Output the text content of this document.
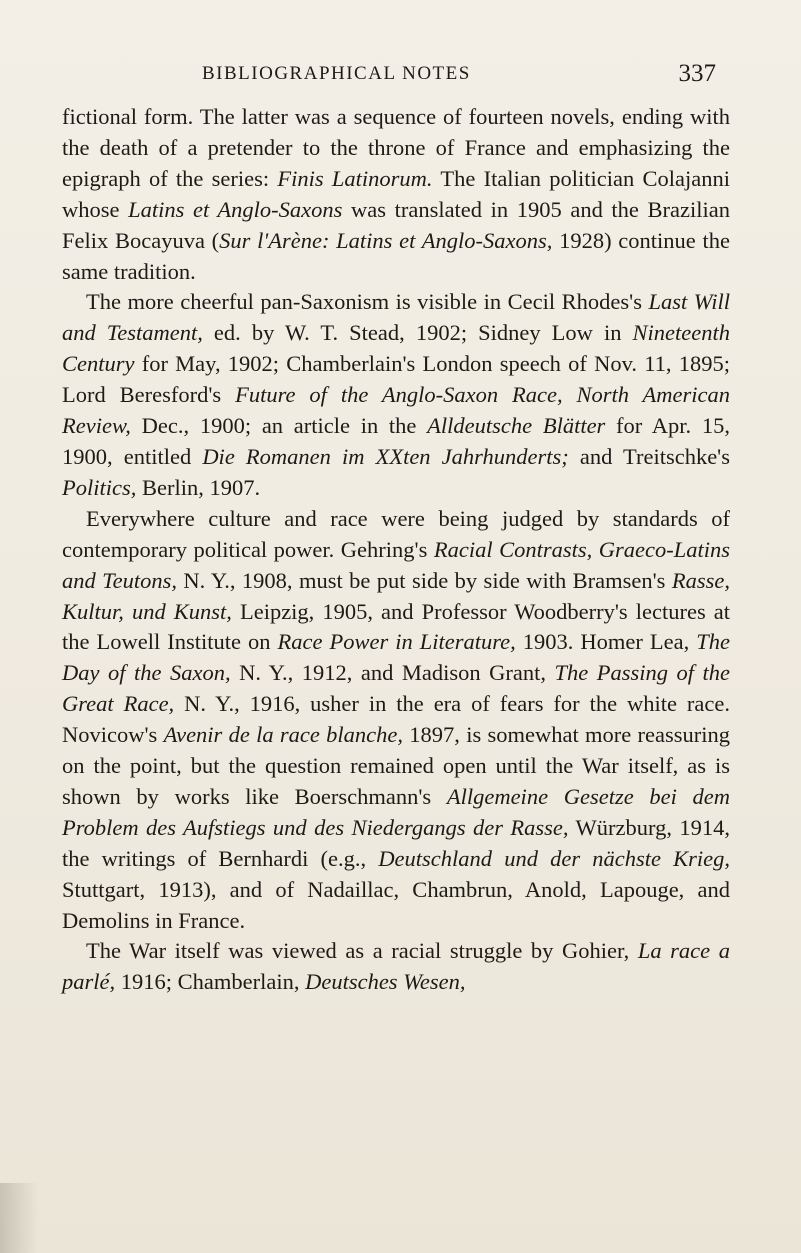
BIBLIOGRAPHICAL NOTES	337

fictional form. The latter was a sequence of fourteen novels, ending with the death of a pretender to the throne of France and emphasizing the epigraph of the series: Finis Latinorum. The Italian politician Colajanni whose Latins et Anglo-Saxons was translated in 1905 and the Brazilian Felix Bocayuva (Sur l'Arène: Latins et Anglo-Saxons, 1928) continue the same tradition.

The more cheerful pan-Saxonism is visible in Cecil Rhodes's Last Will and Testament, ed. by W. T. Stead, 1902; Sidney Low in Nineteenth Century for May, 1902; Chamberlain's London speech of Nov. 11, 1895; Lord Beresford's Future of the Anglo-Saxon Race, North American Review, Dec., 1900; an article in the Alldeutsche Blätter for Apr. 15, 1900, entitled Die Romanen im XXten Jahrhunderts; and Treitschke's Politics, Berlin, 1907.

Everywhere culture and race were being judged by standards of contemporary political power. Gehring's Racial Contrasts, Graeco-Latins and Teutons, N. Y., 1908, must be put side by side with Bramsen's Rasse, Kultur, und Kunst, Leipzig, 1905, and Professor Woodberry's lectures at the Lowell Institute on Race Power in Literature, 1903. Homer Lea, The Day of the Saxon, N. Y., 1912, and Madison Grant, The Passing of the Great Race, N. Y., 1916, usher in the era of fears for the white race. Novicow's Avenir de la race blanche, 1897, is somewhat more reassuring on the point, but the question remained open until the War itself, as is shown by works like Boerschmann's Allgemeine Gesetze bei dem Problem des Aufstiegs und des Niedergangs der Rasse, Würzburg, 1914, the writings of Bernhardi (e.g., Deutschland und der nächste Krieg, Stuttgart, 1913), and of Nadaillac, Chambrun, Anold, Lapouge, and Demolins in France.

The War itself was viewed as a racial struggle by Gohier, La race a parlé, 1916; Chamberlain, Deutsches Wesen,
